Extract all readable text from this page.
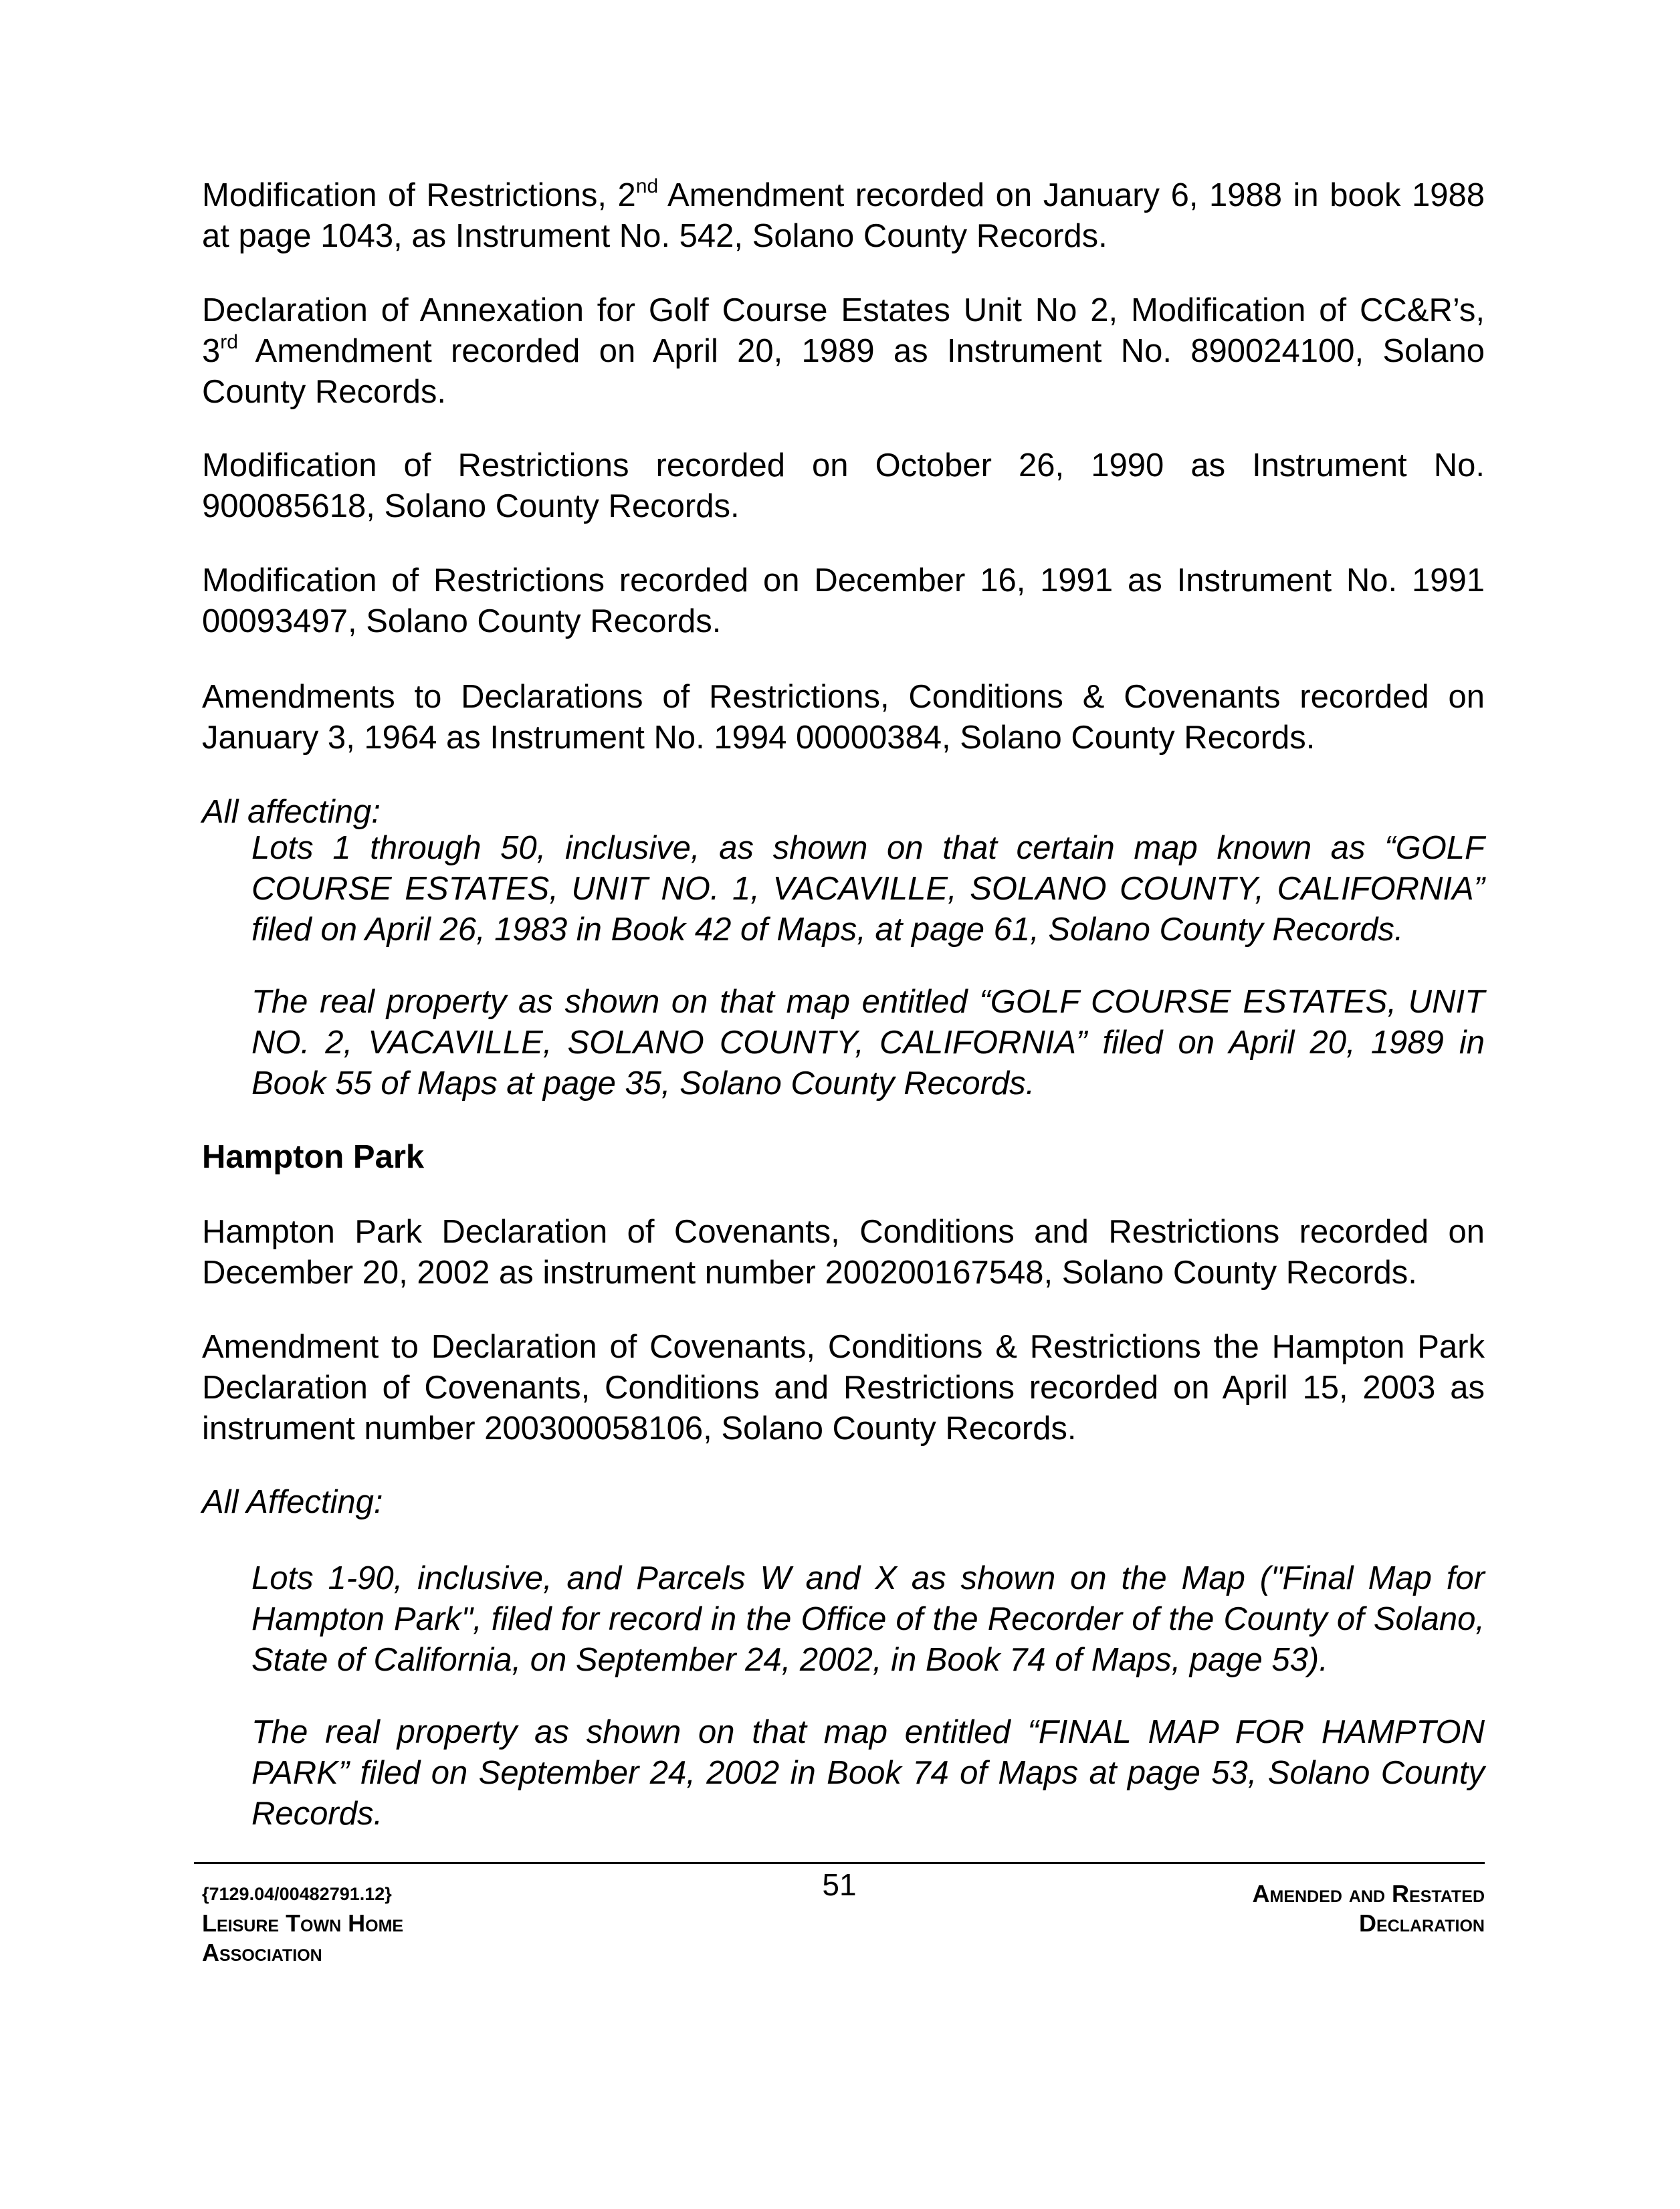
Modification of Restrictions, 2nd Amendment recorded on January 6, 1988 in book 1988
at page 1043, as Instrument No. 542, Solano County Records.
Declaration of Annexation for Golf Course Estates Unit No 2, Modification of CC&R’s,
3rd Amendment recorded on April 20, 1989 as Instrument No. 890024100, Solano
County Records.
Modification of Restrictions recorded on October 26, 1990 as Instrument No.
900085618, Solano County Records.
Modification of Restrictions recorded on December 16, 1991 as Instrument No. 1991
00093497, Solano County Records.
Amendments to Declarations of Restrictions, Conditions & Covenants recorded on
January 3, 1964 as Instrument No. 1994 00000384, Solano County Records.
All affecting:
Lots 1 through 50, inclusive, as shown on that certain map known as “GOLF
COURSE ESTATES, UNIT NO. 1, VACAVILLE, SOLANO COUNTY, CALIFORNIA”
filed on April 26, 1983 in Book 42 of Maps, at page 61, Solano County Records.
The real property as shown on that map entitled “GOLF COURSE ESTATES, UNIT
NO. 2, VACAVILLE, SOLANO COUNTY, CALIFORNIA” filed on April 20, 1989 in
Book 55 of Maps at page 35, Solano County Records.
Hampton Park
Hampton Park Declaration of Covenants, Conditions and Restrictions recorded on
December 20, 2002 as instrument number 200200167548, Solano County Records.
Amendment to Declaration of Covenants, Conditions & Restrictions the Hampton Park
Declaration of Covenants, Conditions and Restrictions recorded on April 15, 2003 as
instrument number 200300058106, Solano County Records.
All Affecting:
Lots 1-90, inclusive, and Parcels W and X as shown on the Map ("Final Map for
Hampton Park", filed for record in the Office of the Recorder of the County of Solano,
State of California, on September 24, 2002, in Book 74 of Maps, page 53).
The real property as shown on that map entitled “FINAL MAP FOR HAMPTON
PARK” filed on September 24, 2002 in Book 74 of Maps at page 53, Solano County
Records.
{7129.04/00482791.12}
Leisure Town Home
Association
51	Amended and Restated
Declaration
